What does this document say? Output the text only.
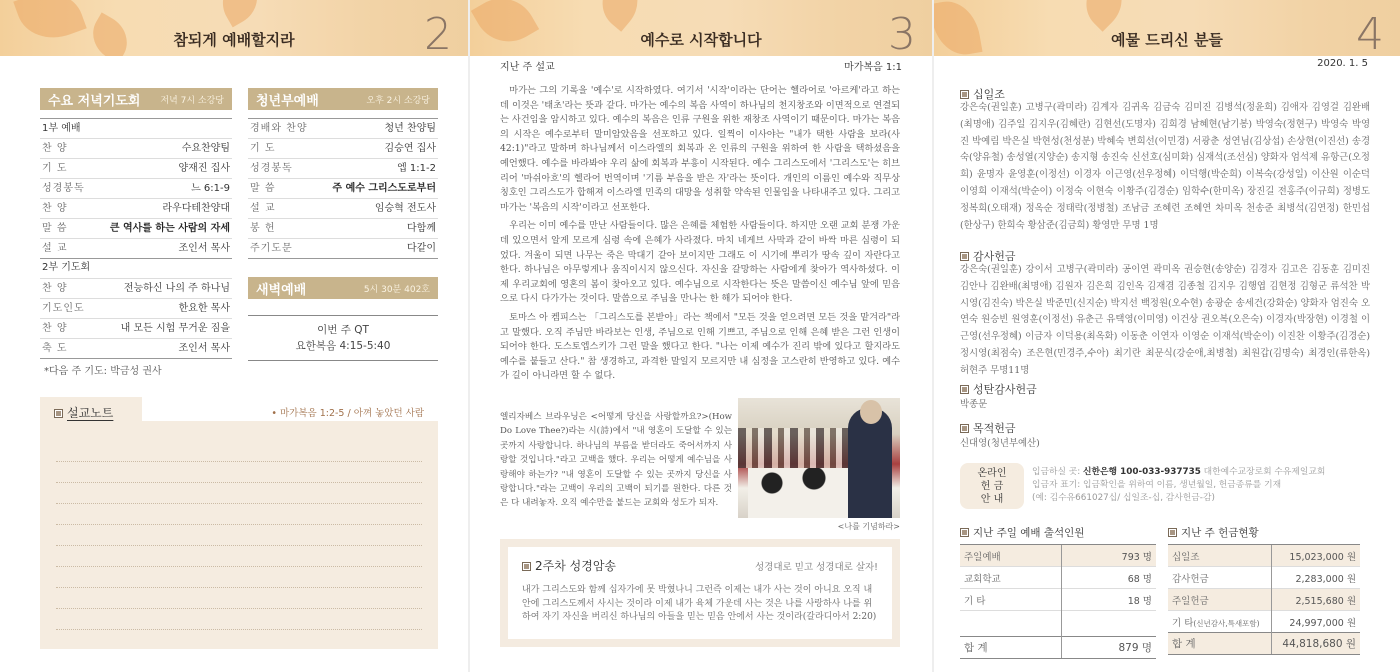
참되게 예배할지라	2
수요 저녁기도회 저녁 7시 소강당
1부 예배
찬 양	수요찬양팀
기 도	양재진 집사
성경봉독	느 6:1-9
찬 양	라우다테찬양대
말 씀	큰 역사를 하는 사람의 자세
설 교	조인서 목사
2부 기도회
찬 양	전능하신 나의 주 하나님
기도인도	한요한 목사
찬 양	내 모든 시험 무거운 짐을
축 도	조인서 목사
*다음 주 기도: 박금성 권사
청년부예배	오후 2시 소강당
경배와 찬양	청년 찬양팀
기 도	김승연 집사
성경봉독	엡 1:1-2
말 씀	주 예수 그리스도로부터
설 교	임승혁 전도사
봉 헌	다함께
주기도문	다같이
새벽예배	5시 30분 402호
이번 주 QT
요한복음 4:15-5:40
설교노트	• 마가복음 1:2-5 / 아껴 놓았던 사람
예수로 시작합니다	3
지난 주 설교	마가복음 1:1

마가는 그의 기록을 '예수'로 시작하였다. 여기서 '시작'이라는 단어는 헬라어로 '아르케'라고 하는데 이것은 '태초'라는 뜻과 같다. 마가는 예수의 복음 사역이 하나님의 천지창조와 이면적으로 연결되는 사건임을 암시하고 있다. 예수의 복음은 인류 구원을 위한 재창조 사역이기 때문이다. 마가는 복음의 시작은 예수로부터 말미암았음을 선포하고 있다. 일찍이 이사야는 "내가 택한 사람을 보라(사 42:1)"라고 말하며 하나님께서 이스라엘의 회복과 온 인류의 구원을 위하여 한 사람을 택하셨음을 예언했다. 예수를 바라봐야 우리 삶에 회복과 부흥이 시작된다. 예수 그리스도에서 '그리스도'는 히브리어 '마쉬아흐'의 헬라어 번역이며 '기름 부음을 받은 자'라는 뜻이다. 개인의 이름인 예수와 직무상 칭호인 그리스도가 합해져 이스라엘 민족의 대망을 성취할 약속된 인물임을 나타내주고 있다. 그리고 마가는 '복음의 시작'이라고 선포한다.

우리는 이미 예수를 만난 사람들이다. 많은 은혜를 체험한 사람들이다. 하지만 오랜 교회 분쟁 가운데 있으면서 알게 모르게 심령 속에 은혜가 사라졌다. 마치 네게브 사막과 같이 바싹 마른 심령이 되었다. 겨울이 되면 나무는 죽은 막대기 같아 보이지만 그래도 이 시기에 뿌리가 땅속 깊이 자란다고 한다. 하나님은 아무렇게나 움직이시지 않으신다. 자신을 갈망하는 사람에게 찾아가 역사하셨다. 이제 우리교회에 영혼의 봄이 찾아오고 있다. 예수님으로 시작한다는 뜻은 말씀이신 예수님 앞에 믿음으로 다시 다가가는 것이다. 말씀으로 주님을 만나는 한 해가 되어야 한다.

토마스 아 켐피스는 「그리스도를 본받아」라는 책에서 "모든 것을 얻으려면 모든 것을 맡겨라"라고 말했다. 오직 주님만 바라보는 인생, 주님으로 인해 기쁘고, 주님으로 인해 은혜 받은 그런 인생이 되어야 한다. 도스토엡스키가 그런 말을 했다고 한다. "나는 이제 예수가 진리 밖에 있다고 할지라도 예수를 붙들고 산다." 참 생경하고, 과격한 말일지 모르지만 내 심정을 고스란히 반영하고 있다. 예수가 길이 아니라면 할 수 없다.

엘리자베스 브라우닝은 <어떻게 당신을 사랑할까요?>(How Do Love Thee?)라는 시(詩)에서 "내 영혼이 도달할 수 있는 곳까지 사랑합니다. 하나님의 부름을 받더라도 죽어서까지 사랑할 것입니다."라고 고백을 했다. 우리는 어떻게 예수님을 사랑해야 하는가? "내 영혼이 도달할 수 있는 곳까지 당신을 사랑합니다."라는 고백이 우리의 고백이 되기를 원한다. 다른 것은 다 내려놓자. 오직 예수만을 붙드는 교회와 성도가 되자.
<나를 기념하라>
2주차 성경암송	성경대로 믿고 성경대로 살자!
내가 그리스도와 함께 십자가에 못 박혔나니 그런즉 이제는 내가 사는 것이 아니요 오직 내 안에 그리스도께서 사시는 것이라 이제 내가 육체 가운데 사는 것은 나를 사랑하사 나를 위하여 자기 자신을 버리신 하나님의 아들을 믿는 믿음 안에서 사는 것이라(갈라디아서 2:20)
예물 드리신 분들	4
2020. 1. 5
십일조
강은숙(권일훈) 고병구(곽미라) 김계자 김귀옥 김금숙 김미진 김병석(정윤희) 김애자 김영걸 김완배(최명애) 김주일 김지우(김혜란) 김현선(도명자) 김희경 남혜현(남기봉) 박영숙(정현구) 박영숙 박영진 박예림 박은실 박현성(천성분) 박혜숙 변희선(이민경) 서광춘 성연님(김상섭) 손상현(이진선) 송경숙(양유철) 송성열(지양순) 송지형 송진숙 신선호(심미화) 심재석(조선심) 양화자 엄석제 유항근(오정희) 윤명자 윤영훈(이정선) 이경자 이근영(선우정혜) 이덕행(박순희) 이복숙(강성일) 이산원 이순덕 이영희 이재석(박순이) 이정숙 이현숙 이황주(김경순) 임학수(한미옥) 장진길 전홍주(이규희) 정병도 정복희(오태재) 정옥순 정태락(정병철) 조남금 조혜련 조혜연 차미옥 천송준 최병석(김연정) 한민섭(한상구) 한희숙 황삼준(김금희) 황영만 무명 1명
감사헌금
강은숙(권일훈) 강이서 고병구(곽미라) 공이연 곽미옥 권승현(송양순) 김경자 김고은 김동훈 김미진 김안나 김완배(최명애) 김원자 김은희 김인옥 김재겸 김종철 김지우 김행엽 김현정 김형군 류석찬 박시영(김진숙) 박은실 박준민(신지순) 박지선 백정원(오수현) 송광순 송세건(강화순) 양화자 엄진숙 오연숙 원승빈 원영훈(이정선) 유춘근 유택영(이미영) 이건상 권오복(오은숙) 이경자(박장현) 이경철 이근영(선우정혜) 이금자 이덕용(최옥화) 이동춘 이연자 이영순 이재석(박순이) 이진찬 이황주(김경순) 정시영(최점숙) 조은현(민경주,수아) 최기란 최문식(강순애,최병철) 최원갑(김명숙) 최경인(류한옥) 허현주 무명11명
성탄감사헌금
박종문
목적헌금
신대영(청년부예산)
온라인
헌 금
안 내
입금하실 곳: 신한은행 100-033-937735 대한예수교장로회 수유제일교회
입금자 표기: 입금확인을 위하여 이름, 생년월일, 헌금종류를 기재
(예: 김수유661027십/ 십일조-십, 감사헌금-감)
지난 주일 예배 출석인원
주일예배	793 명
교회학교	68 명
기 타	18 명

합 계	879 명
지난 주 헌금현황
십일조	15,023,000 원
감사헌금	2,283,000 원
주일헌금	2,515,680 원
기 타(신년감사,특새포함)	24,997,000 원
합 계	44,818,680 원
